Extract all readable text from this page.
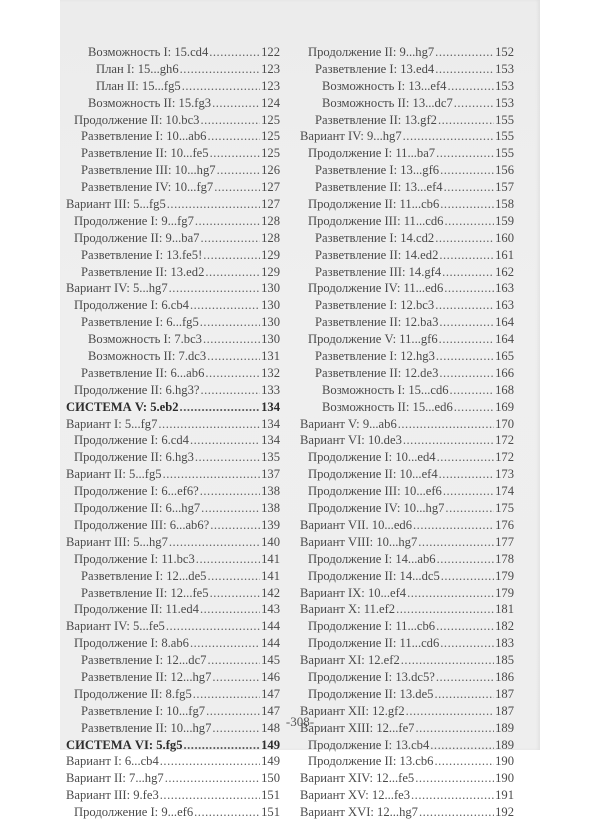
Возможность I: 15.cd4 .....	122
План I: 15...gh6 .....	123
План II: 15...fg5 .....	123
Возможность II: 15.fg3 .....	124
Продолжение II: 10.bc3 .....	125
Разветвление I: 10...ab6 .....	125
Разветвление II: 10...fe5 .....	125
Разветвление III: 10...hg7 .....	126
Разветвление IV: 10...fg7 .....	127
Вариант III: 5...fg5 .....	127
Продолжение I: 9...fg7 .....	128
Продолжение II: 9...ba7 .....	128
Разветвление I: 13.fe5! .....	129
Разветвление II: 13.ed2 .....	129
Вариант IV: 5...hg7 .....	130
Продолжение I: 6.cb4 .....	130
Разветвление I: 6...fg5 .....	130
Возможность I: 7.bc3 .....	130
Возможность II: 7.dc3 .....	131
Разветвление II: 6...ab6 .....	132
Продолжение II: 6.hg3? .....	133
СИСТЕМА V: 5.eb2 .....	134
Вариант I: 5...fg7 .....	134
Продолжение I: 6.cd4 .....	134
Продолжение II: 6.hg3 .....	135
Вариант II: 5...fg5 .....	137
Продолжение I: 6...ef6? .....	138
Продолжение II: 6...hg7 .....	138
Продолжение III: 6...ab6? .....	139
Вариант III: 5...hg7 .....	140
Продолжение I: 11.bc3 .....	141
Разветвление I: 12...de5 .....	141
Разветвление II: 12...fe5 .....	142
Продолжение II: 11.ed4 .....	143
Вариант IV: 5...fe5 .....	144
Продолжение I: 8.ab6 .....	144
Разветвление I: 12...dc7 .....	145
Разветвление II: 12...hg7 .....	146
Продолжение II: 8.fg5 .....	147
Разветвление I: 10...fg7 .....	147
Разветвление II: 10...hg7 .....	148
СИСТЕМА VI: 5.fg5 .....	149
Вариант I: 6...cb4 .....	149
Вариант II: 7...hg7 .....	150
Вариант III: 9.fe3 .....	151
Продолжение I: 9...ef6 .....	151
Продолжение II: 9...hg7 .....	152
Разветвление I: 13.ed4 .....	153
Возможность I: 13...ef4 .....	153
Возможность II: 13...dc7 .....	153
Разветвление II: 13.gf2 .....	155
Вариант IV: 9...hg7 .....	155
Продолжение I: 11...ba7 .....	155
Разветвление I: 13...gf6 .....	156
Разветвление II: 13...ef4 .....	157
Продолжение II: 11...cb6 .....	158
Продолжение III: 11...cd6 .....	159
Разветвление I: 14.cd2 .....	160
Разветвление II: 14.ed2 .....	161
Разветвление III: 14.gf4 .....	162
Продолжение IV: 11...ed6 .....	163
Разветвление I: 12.bc3 .....	163
Разветвление II: 12.ba3 .....	164
Продолжение V: 11...gf6 .....	164
Разветвление I: 12.hg3 .....	165
Разветвление II: 12.de3 .....	166
Возможность I: 15...cd6 .....	168
Возможность II: 15...ed6 .....	169
Вариант V: 9...ab6 .....	170
Вариант VI: 10.de3 .....	172
Продолжение I: 10...ed4 .....	172
Продолжение II: 10...ef4 .....	173
Продолжение III: 10...ef6 .....	174
Продолжение IV: 10...hg7 .....	175
Вариант VII. 10...ed6 .....	176
Вариант VIII: 10...hg7 .....	177
Продолжение I: 14...ab6 .....	178
Продолжение II: 14...dc5 .....	179
Вариант IX: 10...ef4 .....	179
Вариант X: 11.ef2 .....	181
Продолжение I: 11...cb6 .....	182
Продолжение II: 11...cd6 .....	183
Вариант XI: 12.ef2 .....	185
Продолжение I: 13.dc5? .....	186
Продолжение II: 13.de5 .....	187
Вариант XII: 12.gf2 .....	187
Вариант XIII: 12...fe7 .....	189
Продолжение I: 13.cb4 .....	189
Продолжение II: 13.cb6 .....	190
Вариант XIV: 12...fe5 .....	190
Вариант XV: 12...fe3 .....	191
Вариант XVI: 12...hg7 .....	192
-308-
